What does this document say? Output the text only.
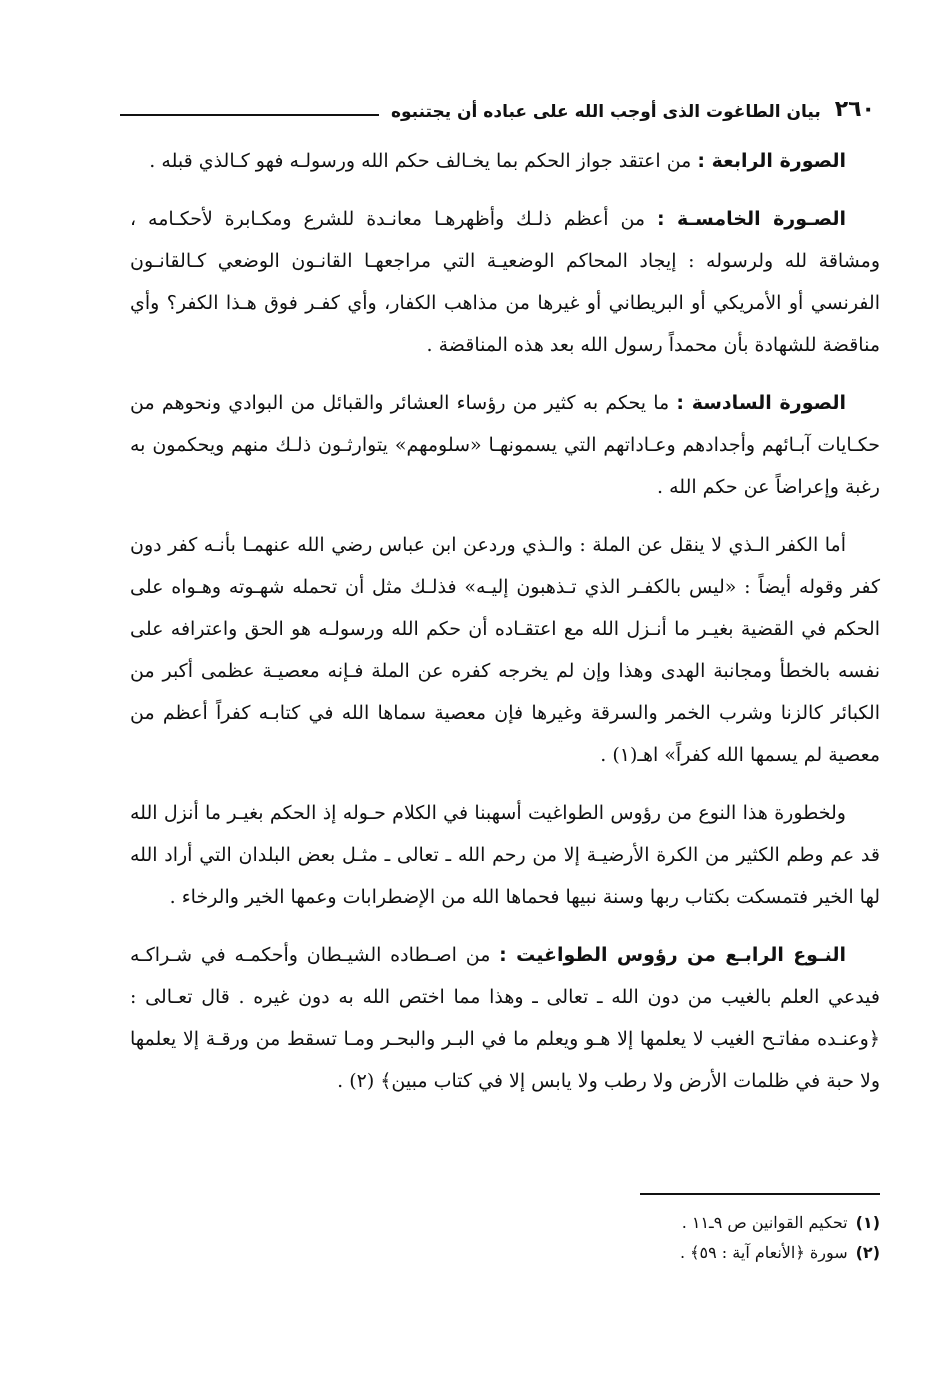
٢٦٠
بيان الطاغوت الذى أوجب الله على عباده أن يجتنبوه

الصورة الرابعة : من اعتقد جواز الحكم بما يخـالف حكم الله ورسولـه فهو كـالذي قبله .

الصـورة الخامسـة : من أعظم ذلـك وأظهرهـا معانـدة للشرع ومكـابرة لأحكـامه ، ومشاقة لله ولرسوله : إيجاد المحاكم الوضعيـة التي مراجعهـا القانـون الوضعي كـالقانـون الفرنسي أو الأمريكي أو البريطاني أو غيرها من مذاهب الكفار، وأي كفـر فوق هـذا الكفر؟ وأي مناقضة للشهادة بأن محمداً رسول الله بعد هذه المناقضة .

الصورة السادسة : ما يحكم به كثير من رؤساء العشائر والقبائل من البوادي ونحوهم من حكـايات آبـائهم وأجدادهم وعـاداتهم التي يسمونهـا «سلومهم» يتوارثـون ذلـك منهم ويحكمون به رغبة وإعراضاً عن حكم الله .

أما الكفر الـذي لا ينقل عن الملة : والـذي وردعن ابن عباس رضي الله عنهمـا بأنـه كفر دون كفر وقوله أيضاً : «ليس بالكفـر الذي تـذهبون إليـه» فذلـك مثل أن تحمله شهـوته وهـواه على الحكم في القضية بغيـر ما أنـزل الله مع اعتقـاده أن حكم الله ورسولـه هو الحق واعترافه على نفسه بالخطأ ومجانبة الهدى وهذا وإن لم يخرجه كفره عن الملة فـإنه معصيـة عظمى أكبر من الكبائر كالزنا وشرب الخمر والسرقة وغيرها فإن معصية سماها الله في كتابـه كفراً أعظم من معصية لم يسمها الله كفراً» اهـ(١) .

ولخطورة هذا النوع من رؤوس الطواغيت أسهبنا في الكلام حـوله إذ الحكم بغيـر ما أنزل الله قد عم وطم الكثير من الكرة الأرضيـة إلا من رحم الله ـ تعالى ـ مثـل بعض البلدان التي أراد الله لها الخير فتمسكت بكتاب ربها وسنة نبيها فحماها الله من الإضطرابات وعمها الخير والرخاء .

النـوع الرابـع من رؤوس الطواغيت : من اصـطاده الشيـطان وأحكمـه في شـراكـه فيدعي العلم بالغيب من دون الله ـ تعالى ـ وهذا مما اختص الله به دون غيره . قال تعـالى : ﴿وعنـده مفاتـح الغيب لا يعلمها إلا هـو ويعلم ما في البـر والبحـر ومـا تسقط من ورقـة إلا يعلمها ولا حبة في ظلمات الأرض ولا رطب ولا يابس إلا في كتاب مبين﴾ (٢) .

(١)تحكيم القوانين ص ٩ـ١١ .

(٢)سورة ﴿الأنعام آية : ٥٩﴾ .
